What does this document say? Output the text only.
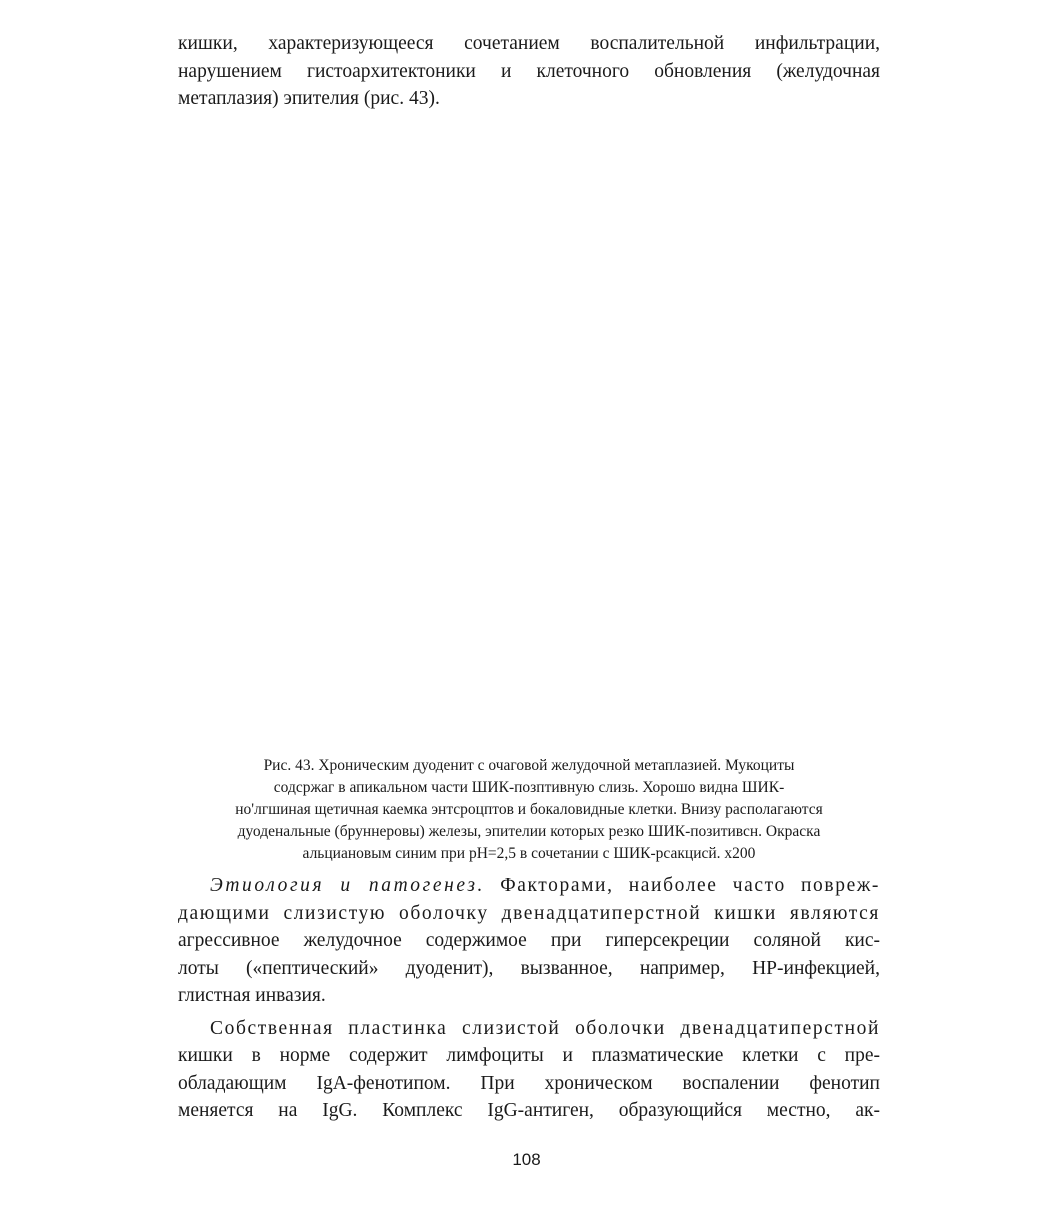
кишки, характеризующееся сочетанием воспалительной инфильтрации,
нарушением гистоархитектоники и клеточного обновления (желудочная
метаплазия) эпителия (рис. 43).
Рис. 43. Хроническим дуоденит с очаговой желудочной метаплазией. Мукоциты
содсржаг в апикальном части ШИК-позптивную слизь. Хорошо видна ШИК-
но'лгшиная щетичная каемка энтсроцптов и бокаловидные клетки. Внизу располагаются
дуоденальные (бруннеровы) железы, эпителии которых резко ШИК-позитивсн. Окраска
альциановым синим при pH=2,5 в сочетании с ШИК-рсакцисй. х200
Этиология и патогенез. Факторами, наиболее часто повреж-
дающими слизистую оболочку двенадцатиперстной кишки являются
агрессивное желудочное содержимое при гиперсекреции соляной кис-
лоты («пептический» дуоденит), вызванное, например, НР-инфекцией,
глистная инвазия.
Собственная пластинка слизистой оболочки двенадцатиперстной
кишки в норме содержит лимфоциты и плазматические клетки с пре-
обладающим IgA-фенотипом. При хроническом воспалении фенотип
меняется на IgG. Комплекс IgG-антиген, образующийся местно, ак-
108
